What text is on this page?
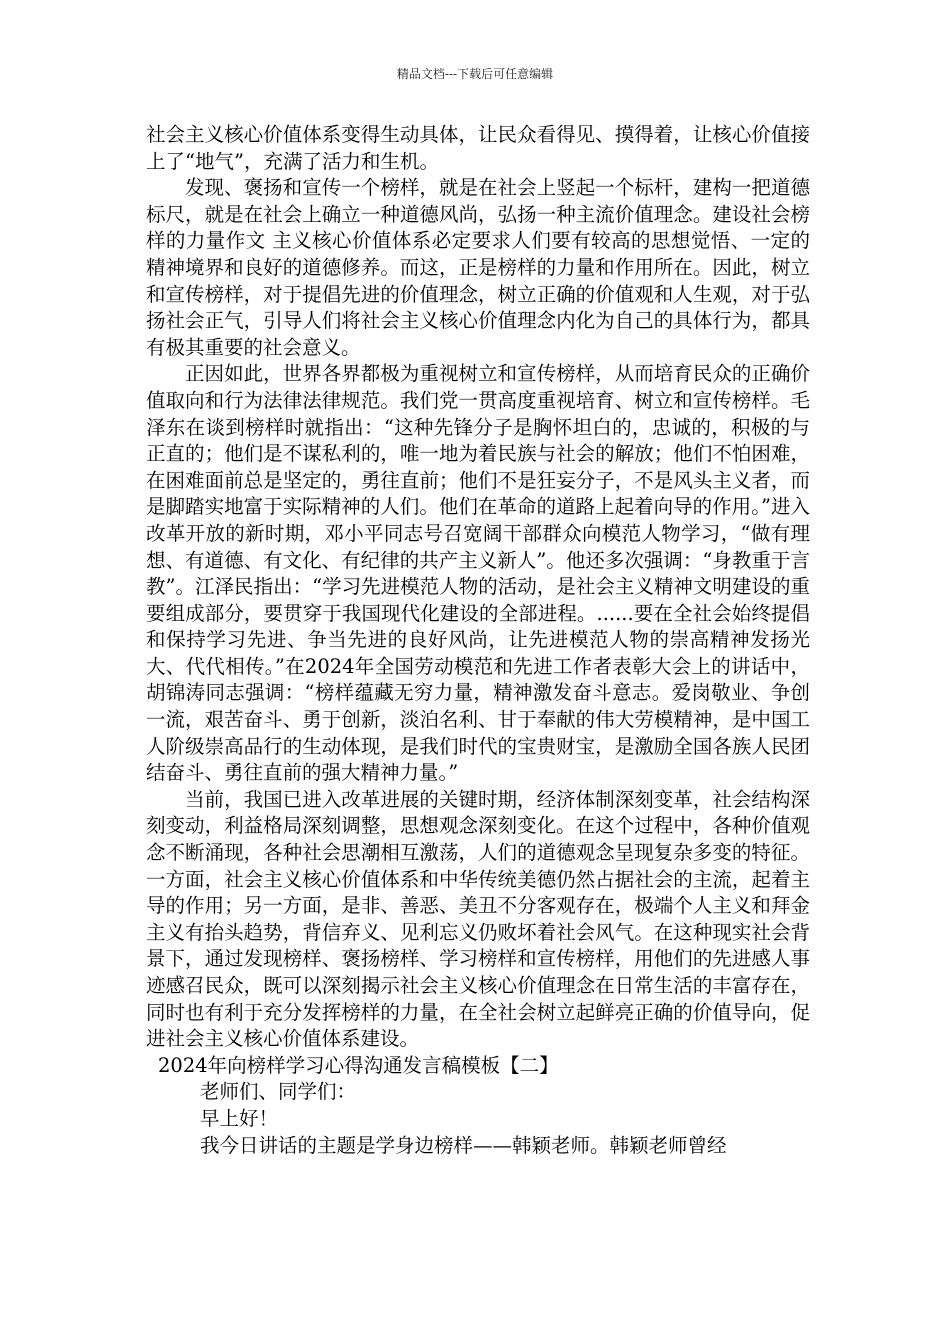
精品文档---下载后可任意编辑

社会主义核心价值体系变得生动具体，让民众看得见、摸得着，让核心价值接上了“地气”，充满了活力和生机。

发现、褒扬和宣传一个榜样，就是在社会上竖起一个标杆，建构一把道德标尺，就是在社会上确立一种道德风尚，弘扬一种主流价值理念。建设社会榜样的力量作文 主义核心价值体系必定要求人们要有较高的思想觉悟、一定的精神境界和良好的道德修养。而这，正是榜样的力量和作用所在。因此，树立和宣传榜样，对于提倡先进的价值理念，树立正确的价值观和人生观，对于弘扬社会正气，引导人们将社会主义核心价值理念内化为自己的具体行为，都具有极其重要的社会意义。

正因如此，世界各界都极为重视树立和宣传榜样，从而培育民众的正确价值取向和行为法律法律规范。我们党一贯高度重视培育、树立和宣传榜样。毛泽东在谈到榜样时就指出：“这种先锋分子是胸怀坦白的，忠诚的，积极的与正直的；他们是不谋私利的，唯一地为着民族与社会的解放；他们不怕困难，在困难面前总是坚定的，勇往直前；他们不是狂妄分子，不是风头主义者，而是脚踏实地富于实际精神的人们。他们在革命的道路上起着向导的作用。”进入改革开放的新时期，邓小平同志号召宽阔干部群众向模范人物学习，“做有理想、有道德、有文化、有纪律的共产主义新人”。他还多次强调：“身教重于言教”。江泽民指出：“学习先进模范人物的活动，是社会主义精神文明建设的重要组成部分，要贯穿于我国现代化建设的全部进程。......要在全社会始终提倡和保持学习先进、争当先进的良好风尚，让先进模范人物的崇高精神发扬光大、代代相传。”在2024年全国劳动模范和先进工作者表彰大会上的讲话中，胡锦涛同志强调：“榜样蕴藏无穷力量，精神激发奋斗意志。爱岗敬业、争创一流，艰苦奋斗、勇于创新，淡泊名利、甘于奉献的伟大劳模精神，是中国工人阶级崇高品行的生动体现，是我们时代的宝贵财宝，是激励全国各族人民团结奋斗、勇往直前的强大精神力量。”

当前，我国已进入改革进展的关键时期，经济体制深刻变革，社会结构深刻变动，利益格局深刻调整，思想观念深刻变化。在这个过程中，各种价值观念不断涌现，各种社会思潮相互激荡，人们的道德观念呈现复杂多变的特征。一方面，社会主义核心价值体系和中华传统美德仍然占据社会的主流，起着主导的作用；另一方面，是非、善恶、美丑不分客观存在，极端个人主义和拜金主义有抬头趋势，背信弃义、见利忘义仍败坏着社会风气。在这种现实社会背景下，通过发现榜样、褒扬榜样、学习榜样和宣传榜样，用他们的先进感人事迹感召民众，既可以深刻揭示社会主义核心价值理念在日常生活的丰富存在，同时也有利于充分发挥榜样的力量，在全社会树立起鲜亮正确的价值导向，促进社会主义核心价值体系建设。

2024年向榜样学习心得沟通发言稿模板【二】

老师们、同学们：

早上好！

我今日讲话的主题是学身边榜样——韩颖老师。韩颖老师曾经
